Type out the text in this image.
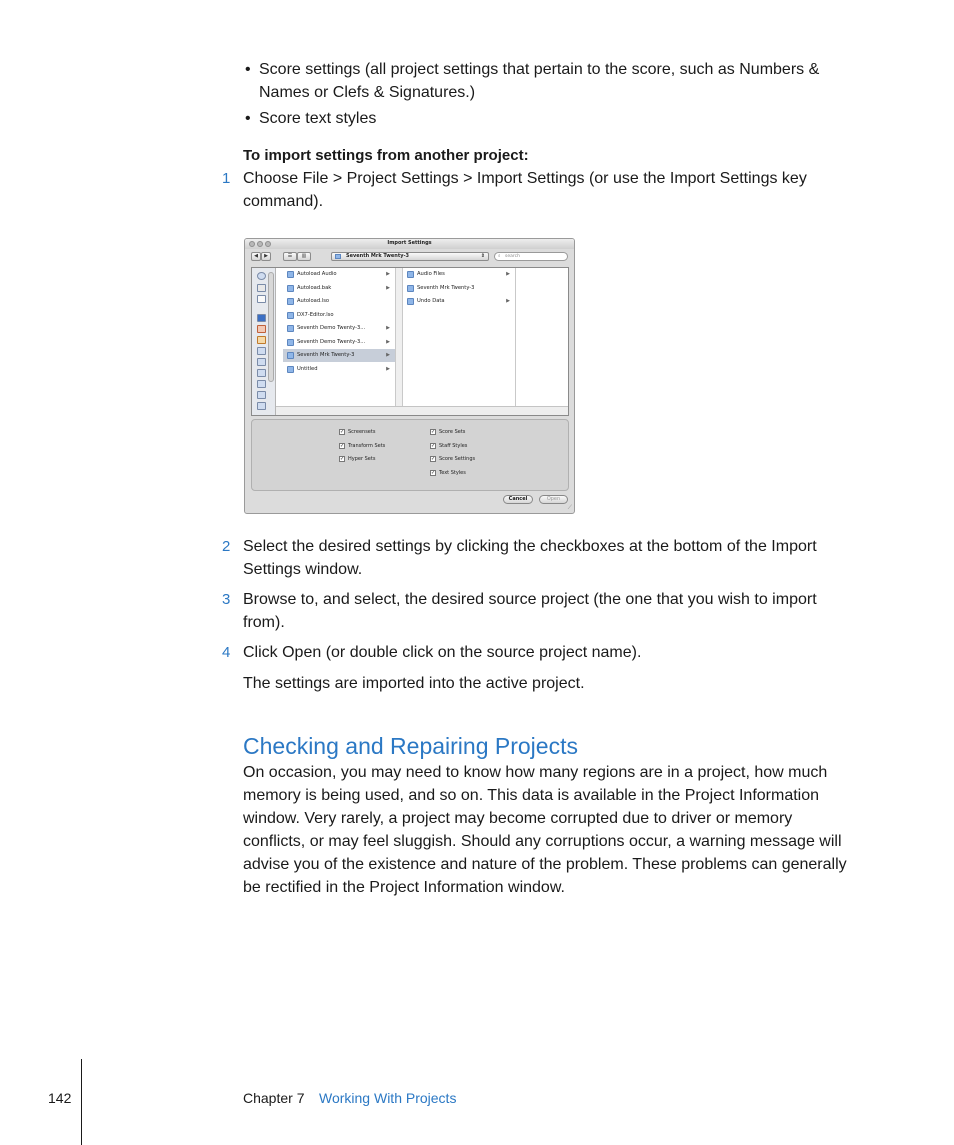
• Score settings (all project settings that pertain to the score, such as Numbers &
Names or Clefs & Signatures.)
• Score text styles
To import settings from another project:
1 Choose File > Project Settings > Import Settings (or use the Import Settings key
command).
Import Settings
◀	▶	☰	▥	Seventh Mrk Twenty-3	⇕	⌕ search
Autoload Audio	▶
Autoload.bak	▶
Autoload.lso
DX7-Editor.lso
Seventh Demo Twenty-3...	▶
Seventh Demo Twenty-3...	▶
Seventh Mrk Twenty-3	▶
Untitled	▶
Audio Files	▶
Seventh Mrk Twenty-3
Undo Data	▶
✓ Screensets
✓ Transform Sets
✓ Hyper Sets
✓ Score Sets
✓ Staff Styles
✓ Score Settings
✓ Text Styles
Cancel	Open
⟋
2 Select the desired settings by clicking the checkboxes at the bottom of the Import
Settings window.
3 Browse to, and select, the desired source project (the one that you wish to import
from).
4 Click Open (or double click on the source project name).
The settings are imported into the active project.
Checking and Repairing Projects
On occasion, you may need to know how many regions are in a project, how much
memory is being used, and so on. This data is available in the Project Information
window. Very rarely, a project may become corrupted due to driver or memory
conflicts, or may feel sluggish. Should any corruptions occur, a warning message will
advise you of the existence and nature of the problem. These problems can generally
be rectified in the Project Information window.
142	Chapter 7 Working With Projects
